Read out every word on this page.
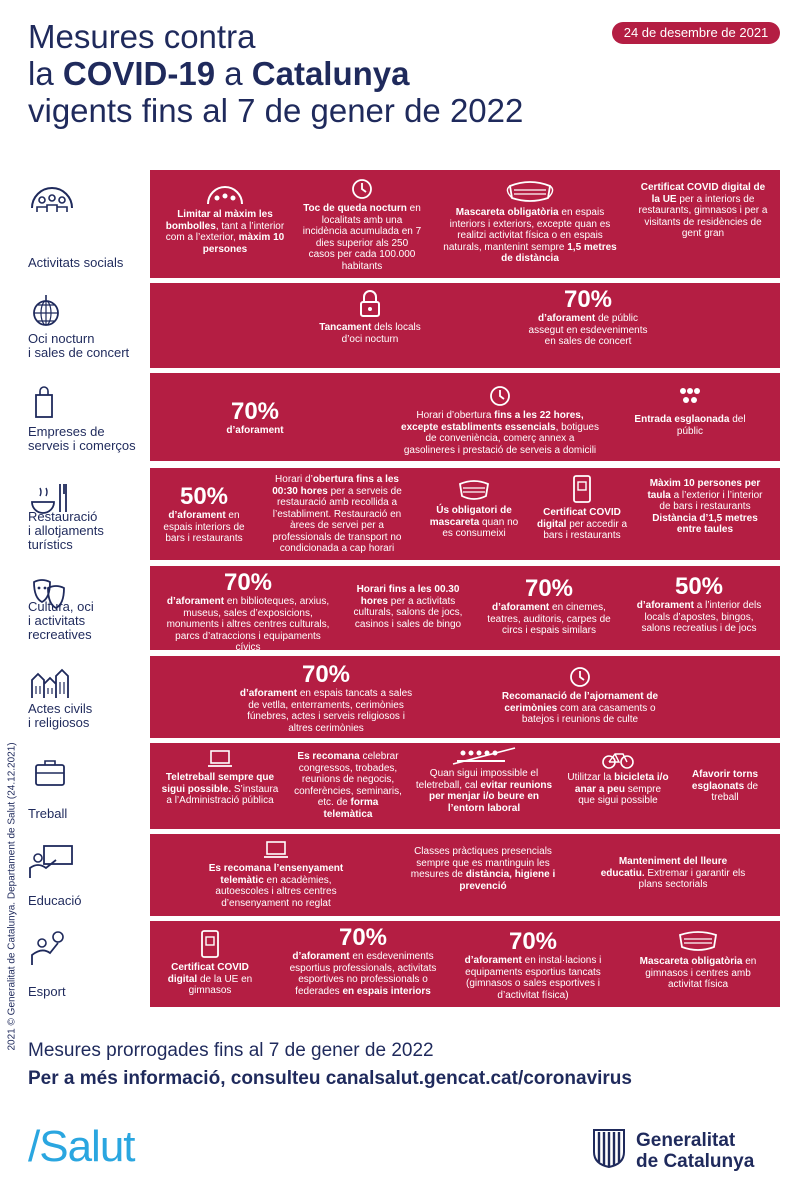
Mesures contra
la COVID-19 a Catalunya
vigents fins al 7 de gener de 2022
24 de desembre de 2021
2021 © Generalitat de Catalunya. Departament de Salut (24.12.2021)
Activitats socials
Limitar al màxim les bombolles, tant a l’interior com a l’exterior, màxim 10 persones
Toc de queda nocturn en localitats amb una incidència acumulada en 7 dies superior als 250 casos per cada 100.000 habitants
Mascareta obligatòria en espais interiors i exteriors, excepte quan es realitzi activitat física o en espais naturals, mantenint sempre 1,5 metres de distància
Certificat COVID digital de la UE per a interiors de restaurants, gimnasos i per a visitants de residències de gent gran
Oci nocturn
i sales de concert
Tancament dels locals d’oci nocturn
70%
d’aforament de públic assegut en esdeveniments en sales de concert
Empreses de
serveis i comerços
70%
d’aforament
Horari d’obertura fins a les 22 hores, excepte establiments essencials, botigues de conveniència, comerç annex a gasolineres i prestació de serveis a domicili
Entrada esglaonada del públic
Restauració
i allotjaments
turístics
50%
d’aforament en espais interiors de bars i restaurants
Horari d’obertura fins a les 00:30 hores per a serveis de restauració amb recollida a l’establiment. Restauració en àrees de servei per a professionals de transport no condicionada a cap horari
Ús obligatori de mascareta quan no es consumeixi
Certificat COVID digital per accedir a bars i restaurants
Màxim 10 persones per taula a l’exterior i l’interior de bars i restaurants Distància d’1,5 metres entre taules
Cultura, oci
i activitats
recreatives
70%
d’aforament en biblioteques, arxius, museus, sales d’exposicions, monuments i altres centres culturals, parcs d’atraccions i equipaments cívics
Horari fins a les 00.30 hores per a activitats culturals, salons de jocs, casinos i sales de bingo
70%
d’aforament en cinemes, teatres, auditoris, carpes de circs i espais similars
50%
d’aforament a l’interior dels locals d’apostes, bingos, salons recreatius i de jocs
Actes civils
i religiosos
70%
d’aforament en espais tancats a sales de vetlla, enterraments, cerimònies fúnebres, actes i serveis religiosos i altres cerimònies
Recomanació de l’ajornament de cerimònies com ara casaments o batejos i reunions de culte
Treball
Teletreball sempre que sigui possible. S’instaura a l’Administració pública
Es recomana celebrar congressos, trobades, reunions de negocis, conferències, seminaris, etc. de forma telemàtica
Quan sigui impossible el teletreball, cal evitar reunions per menjar i/o beure en l’entorn laboral
Utilitzar la bicicleta i/o anar a peu sempre que sigui possible
Afavorir torns esglaonats de treball
Educació
Es recomana l’ensenyament telemàtic en acadèmies, autoescoles i altres centres d’ensenyament no reglat
Classes pràctiques presencials sempre que es mantinguin les mesures de distància, higiene i prevenció
Manteniment del lleure educatiu. Extremar i garantir els plans sectorials
Esport
Certificat COVID digital de la UE en gimnasos
70%
d’aforament en esdeveniments esportius professionals, activitats esportives no professionals o federades en espais interiors
70%
d’aforament en instal·lacions i equipaments esportius tancats (gimnasos o sales esportives i d’activitat física)
Mascareta obligatòria en gimnasos i centres amb activitat física
Mesures prorrogades fins al 7 de gener de 2022
Per a més informació, consulteu canalsalut.gencat.cat/coronavirus
/Salut	Generalitat
de Catalunya
